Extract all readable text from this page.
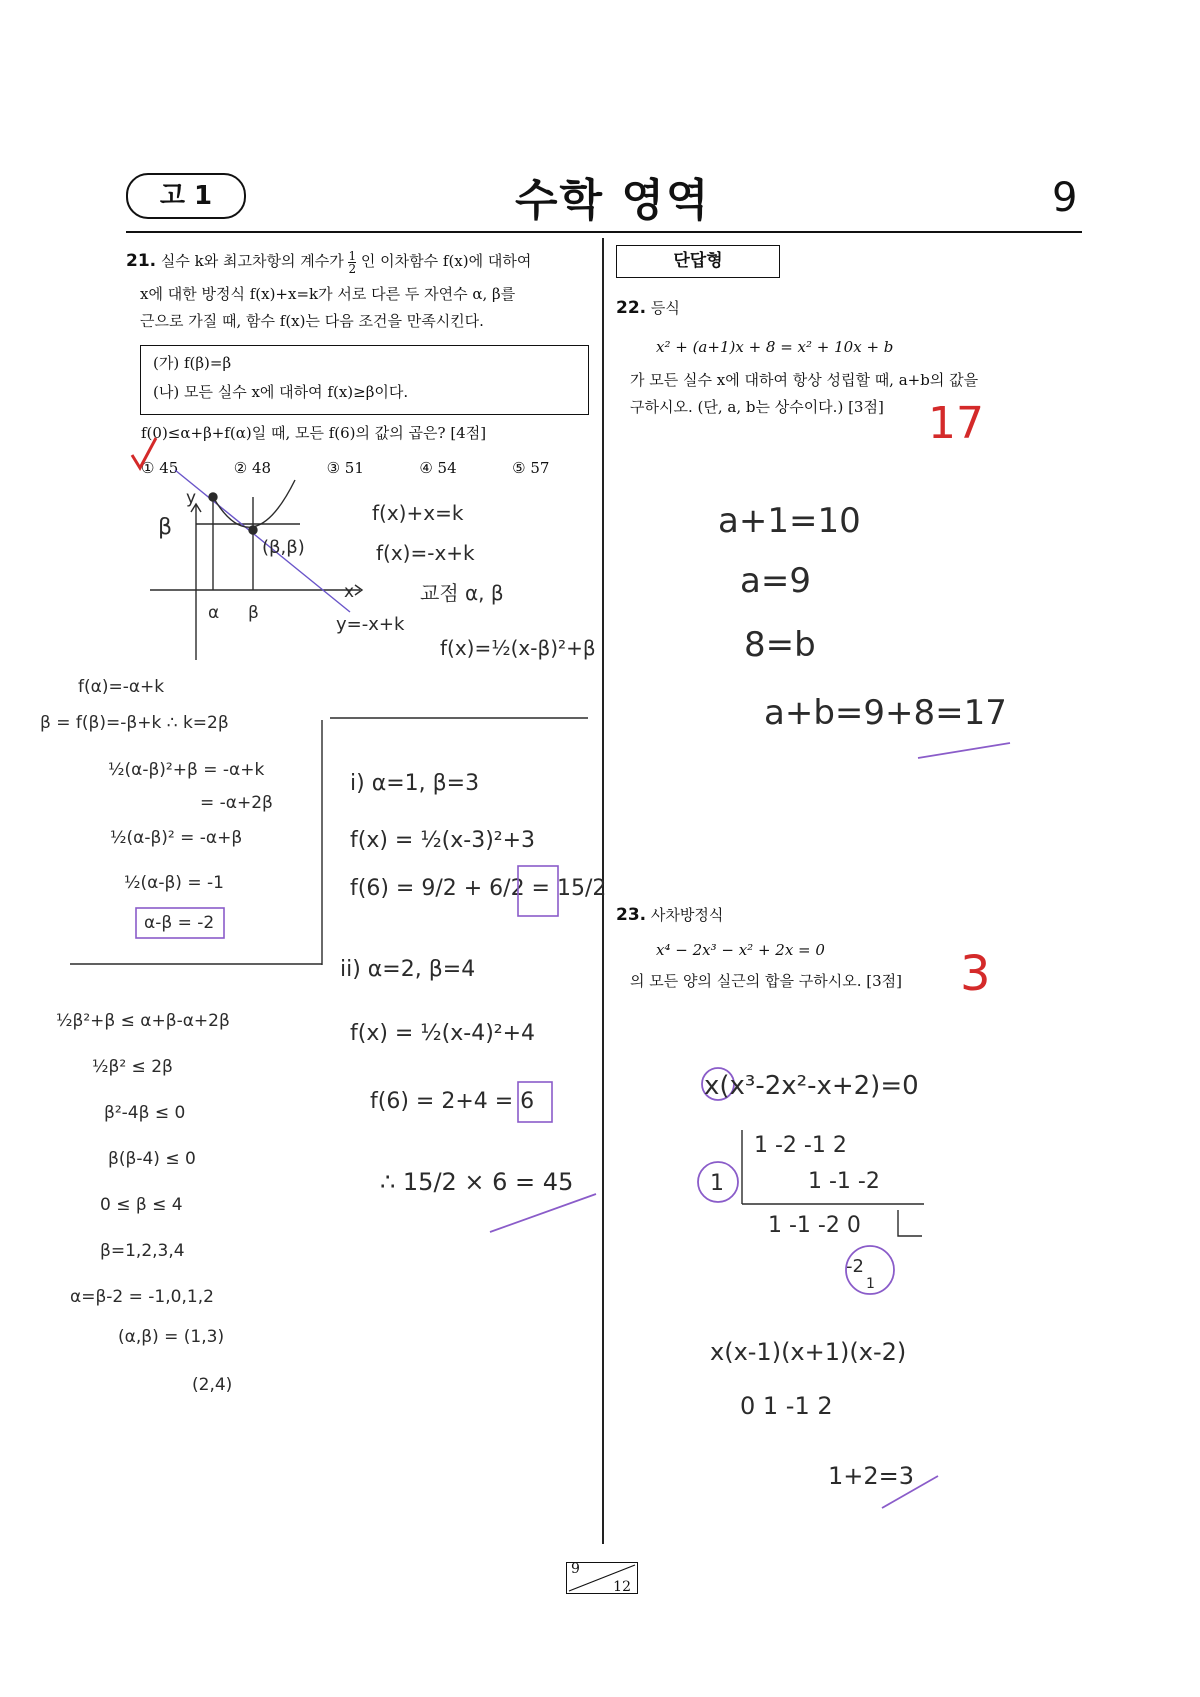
고 1	수학 영역	9
21. 실수 k와 최고차항의 계수가 $\frac{1}{2}$ 인 이차함수 f(x)에 대하여
x에 대한 방정식 f(x)+x=k가 서로 다른 두 자연수 α, β를
근으로 가질 때, 함수 f(x)는 다음 조건을 만족시킨다.
(가) f(β)=β
(나) 모든 실수 x에 대하여 f(x)≥β이다.
f(0)≤α+β+f(α)일 때, 모든 f(6)의 값의 곱은? [4점]
① 45	② 48	③ 51	④ 54	⑤ 57
단답형
22. 등식
x² + (a+1)x + 8 = x² + 10x + b
가 모든 실수 x에 대하여 항상 성립할 때, a+b의 값을
구하시오. (단, a, b는 상수이다.) [3점]
23. 사차방정식
x⁴ − 2x³ − x² + 2x = 0
의 모든 양의 실근의 합을 구하시오. [3점]
9
12
y
β
(β,β)
x
α β
y=-x+k
f(x)+x=k
f(x)=-x+k
교점 α, β
f(x)=½(x-β)²+β
f(α)=-α+k
β = f(β)=-β+k ∴ k=2β
½(α-β)²+β = -α+k
= -α+2β
½(α-β)² = -α+β
½(α-β) = -1
α-β = -2
i) α=1, β=3
f(x) = ½(x-3)²+3
f(6) = 9/2 + 6/2 = 15/2
ii) α=2, β=4
f(x) = ½(x-4)²+4
f(6) = 2+4 = 6
∴ 15/2 × 6 = 45
½β²+β ≤ α+β-α+2β
½β² ≤ 2β
β²-4β ≤ 0
β(β-4) ≤ 0
0 ≤ β ≤ 4
β=1,2,3,4
α=β-2 = -1,0,1,2
(α,β) = (1,3)
(2,4)
17
a+1=10
a=9
8=b
a+b=9+8=17
3
x(x³-2x²-x+2)=0
1 -2 -1 2
1 -1 -2
1 -1 -2 0
-2
1
x(x-1)(x+1)(x-2)
0 1 -1 2
1+2=3
1
